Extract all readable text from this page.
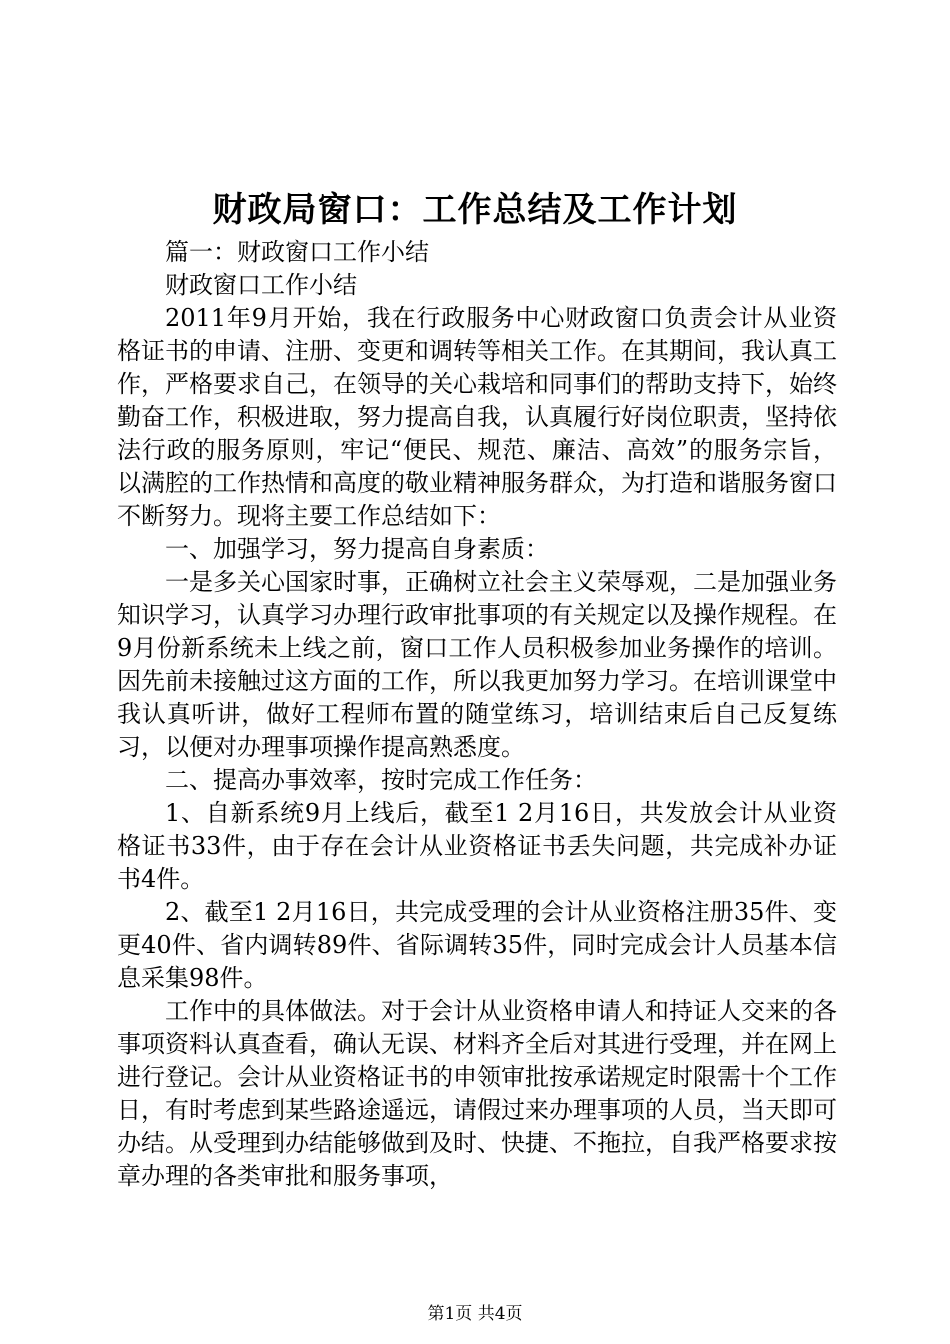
财政局窗口：工作总结及工作计划

篇一：财政窗口工作小结

财政窗口工作小结

2011年9月开始，我在行政服务中心财政窗口负责会计从业资格证书的申请、注册、变更和调转等相关工作。在其期间，我认真工作，严格要求自己，在领导的关心栽培和同事们的帮助支持下，始终勤奋工作，积极进取，努力提高自我，认真履行好岗位职责，坚持依法行政的服务原则，牢记“便民、规范、廉洁、高效”的服务宗旨，以满腔的工作热情和高度的敬业精神服务群众，为打造和谐服务窗口不断努力。现将主要工作总结如下：

一、加强学习，努力提高自身素质：

一是多关心国家时事，正确树立社会主义荣辱观，二是加强业务知识学习，认真学习办理行政审批事项的有关规定以及操作规程。在9月份新系统未上线之前，窗口工作人员积极参加业务操作的培训。因先前未接触过这方面的工作，所以我更加努力学习。在培训课堂中我认真听讲，做好工程师布置的随堂练习，培训结束后自己反复练习，以便对办理事项操作提高熟悉度。

二、提高办事效率，按时完成工作任务：

1、自新系统9月上线后，截至1 2月16日，共发放会计从业资格证书33件，由于存在会计从业资格证书丢失问题，共完成补办证书4件。

2、截至1 2月16日，共完成受理的会计从业资格注册35件、变更40件、省内调转89件、省际调转35件，同时完成会计人员基本信息采集98件。

工作中的具体做法。对于会计从业资格申请人和持证人交来的各事项资料认真查看，确认无误、材料齐全后对其进行受理，并在网上进行登记。会计从业资格证书的申领审批按承诺规定时限需十个工作日，有时考虑到某些路途遥远，请假过来办理事项的人员，当天即可办结。从受理到办结能够做到及时、快捷、不拖拉，自我严格要求按章办理的各类审批和服务事项，

第1页 共4页
